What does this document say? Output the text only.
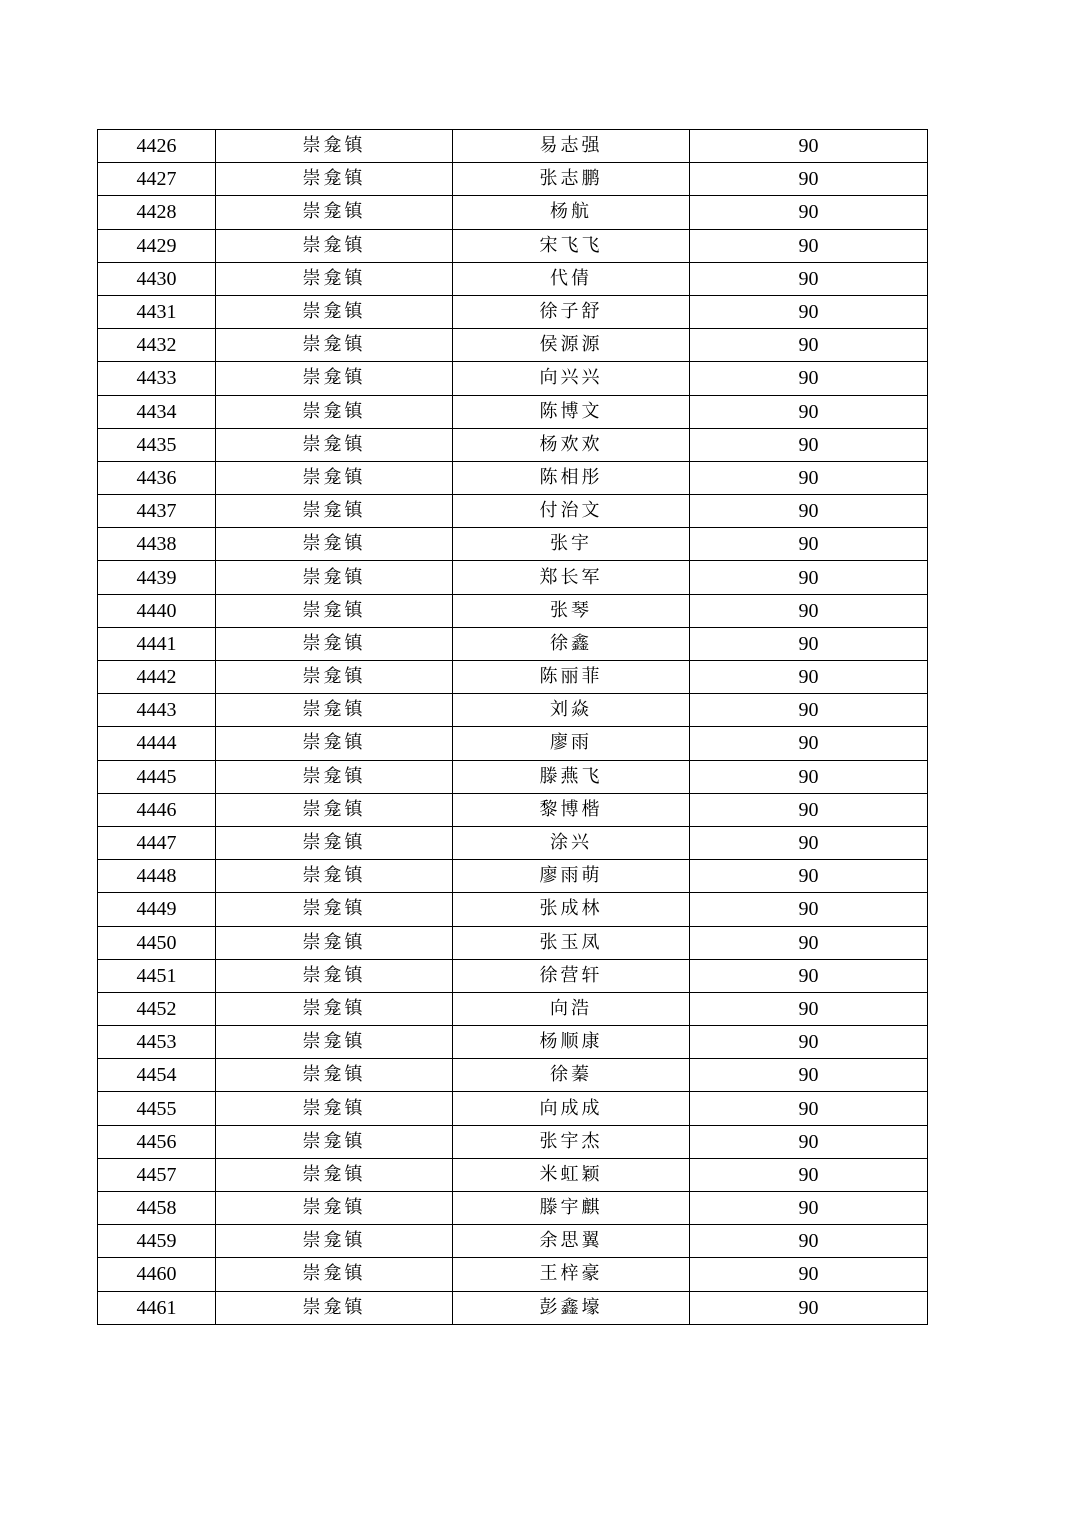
4426	崇龛镇	易志强	90
4427	崇龛镇	张志鹏	90
4428	崇龛镇	杨航	90
4429	崇龛镇	宋飞飞	90
4430	崇龛镇	代倩	90
4431	崇龛镇	徐子舒	90
4432	崇龛镇	侯源源	90
4433	崇龛镇	向兴兴	90
4434	崇龛镇	陈博文	90
4435	崇龛镇	杨欢欢	90
4436	崇龛镇	陈相彤	90
4437	崇龛镇	付治文	90
4438	崇龛镇	张宇	90
4439	崇龛镇	郑长军	90
4440	崇龛镇	张琴	90
4441	崇龛镇	徐鑫	90
4442	崇龛镇	陈丽菲	90
4443	崇龛镇	刘焱	90
4444	崇龛镇	廖雨	90
4445	崇龛镇	滕燕飞	90
4446	崇龛镇	黎博楷	90
4447	崇龛镇	涂兴	90
4448	崇龛镇	廖雨萌	90
4449	崇龛镇	张成林	90
4450	崇龛镇	张玉凤	90
4451	崇龛镇	徐营轩	90
4452	崇龛镇	向浩	90
4453	崇龛镇	杨顺康	90
4454	崇龛镇	徐蓁	90
4455	崇龛镇	向成成	90
4456	崇龛镇	张宇杰	90
4457	崇龛镇	米虹颖	90
4458	崇龛镇	滕宇麒	90
4459	崇龛镇	余思翼	90
4460	崇龛镇	王梓豪	90
4461	崇龛镇	彭鑫壕	90
